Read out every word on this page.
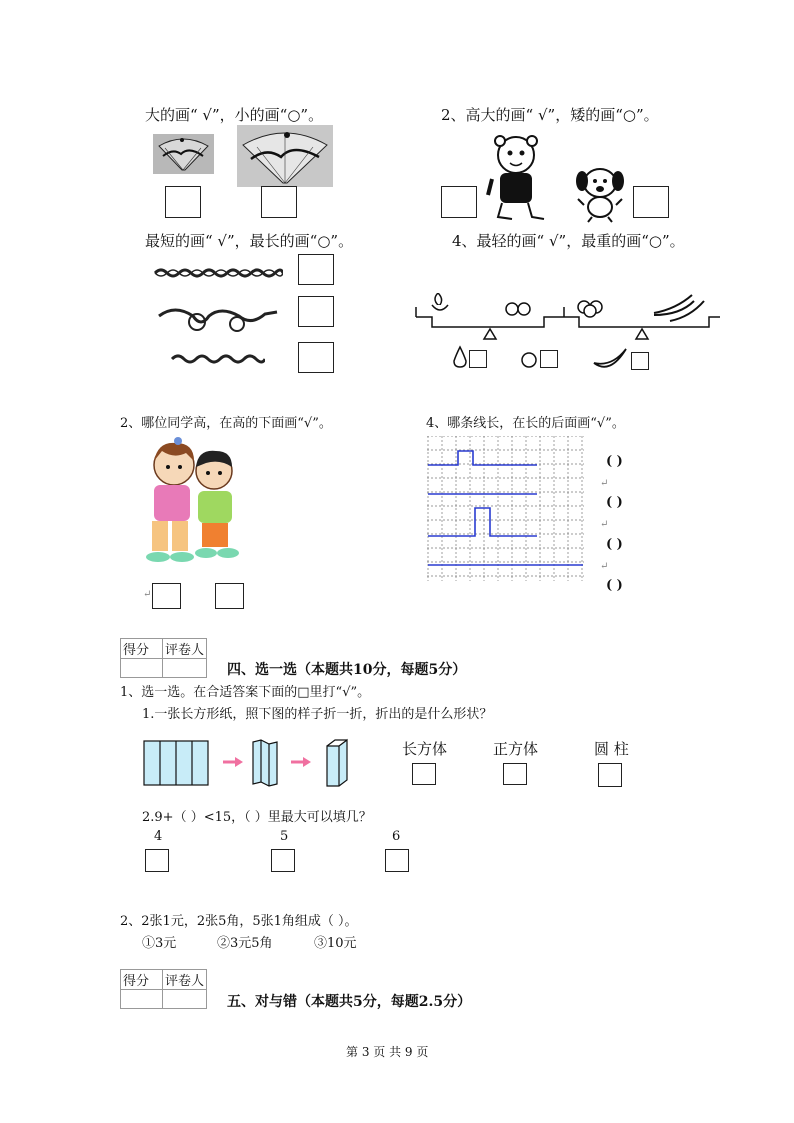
大的画“ √”，小的画“○”。	2、高大的画“ √”，矮的画“○”。
最短的画“ √”，最长的画“○”。	4、最轻的画“ √”，最重的画“○”。
2、哪位同学高，在高的下面画“√”。	4、哪条线长，在长的后面画“√”。
↵
( )
↵
( )
↵
( )
↵
( )
得分	评卷人

四、选一选（本题共10分，每题5分）
1、选一选。在合适答案下面的□里打“√”。
1.一张长方形纸，照下图的样子折一折，折出的是什么形状？
长方体	正方体	圆 柱
2.9+（ ）<15，（ ）里最大可以填几？
4	5	6
2、2张1元，2张5角，5张1角组成（ ）。
①3元	②3元5角	③10元
得分	评卷人

五、对与错（本题共5分，每题2.5分）
第 3 页 共 9 页
